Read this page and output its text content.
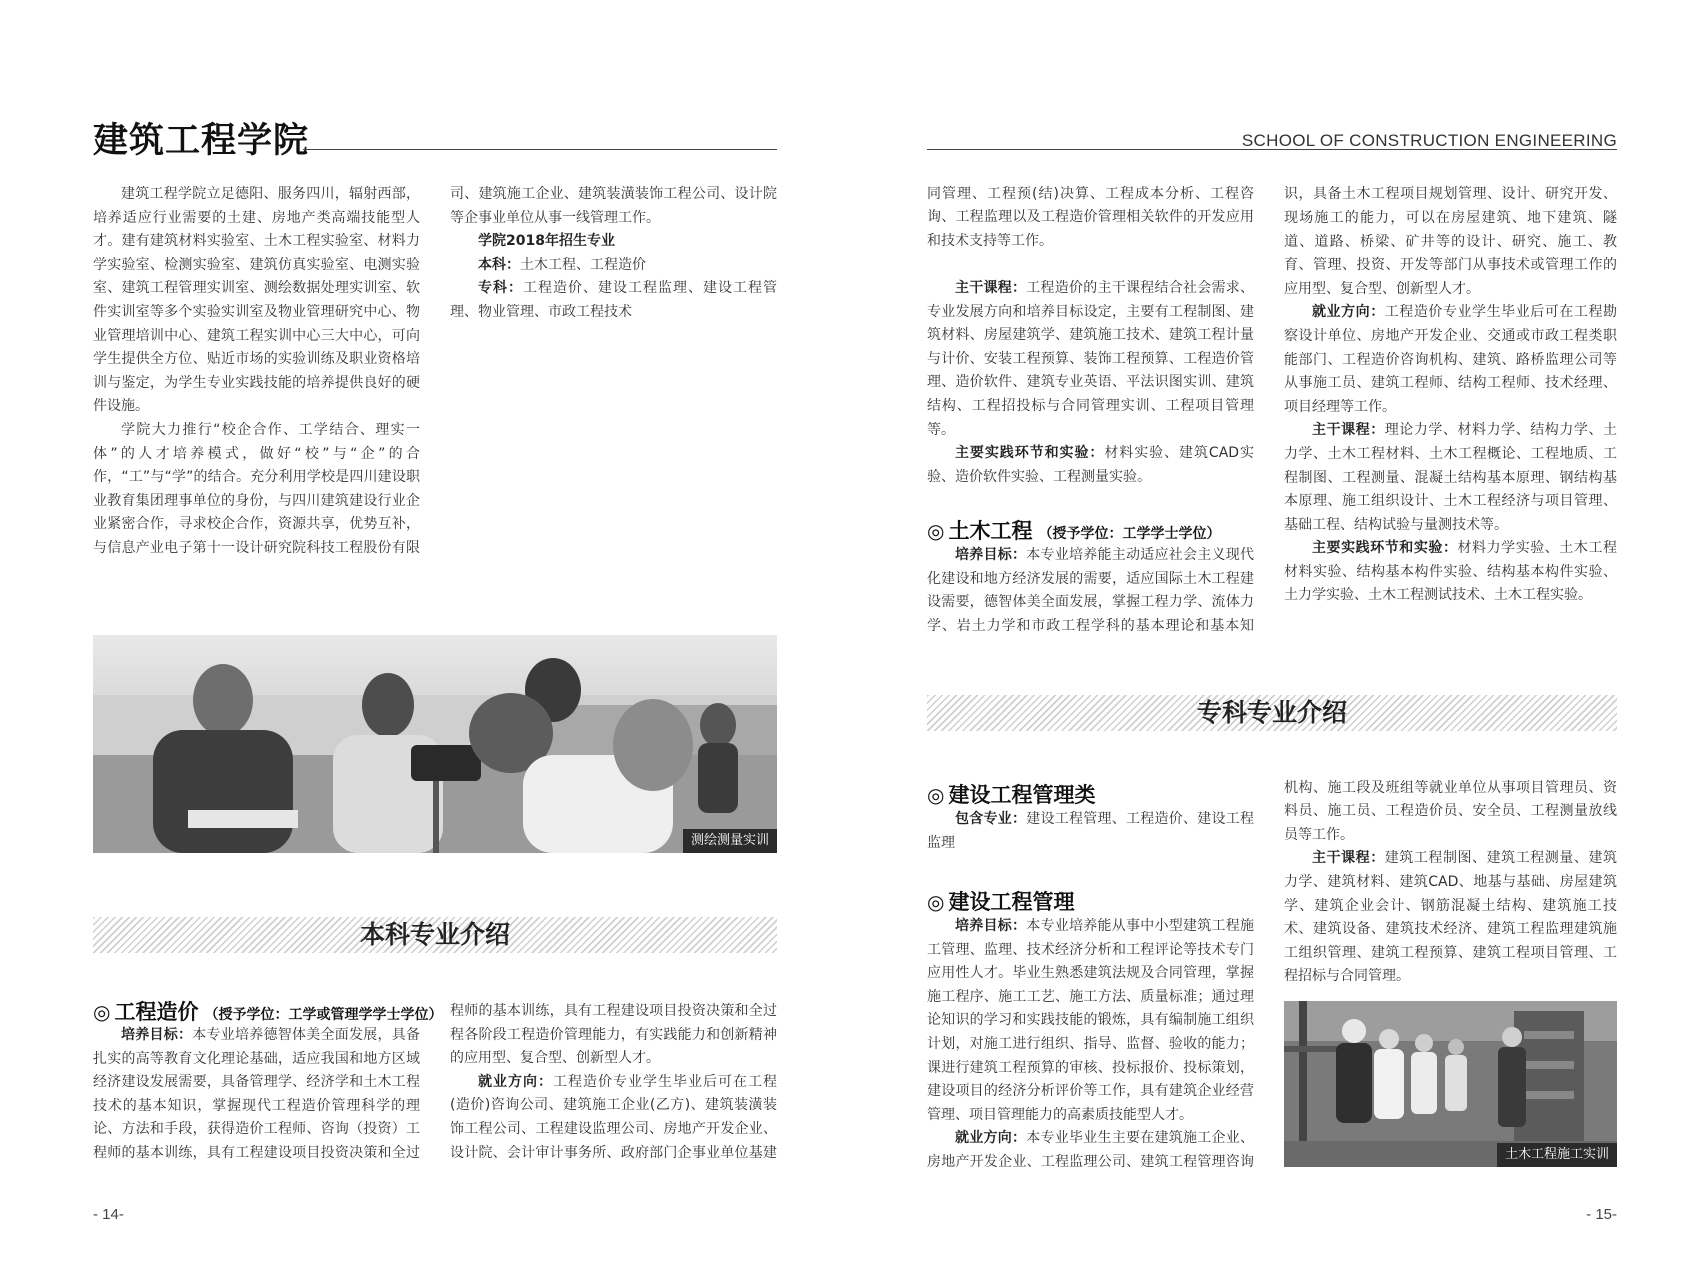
建筑工程学院

建筑工程学院立足德阳、服务四川，辐射西部，培养适应行业需要的土建、房地产类高端技能型人才。建有建筑材料实验室、土木工程实验室、材料力学实验室、检测实验室、建筑仿真实验室、电测实验室、建筑工程管理实训室、测绘数据处理实训室、软件实训室等多个实验实训室及物业管理研究中心、物业管理培训中心、建筑工程实训中心三大中心，可向学生提供全方位、贴近市场的实验训练及职业资格培训与鉴定，为学生专业实践技能的培养提供良好的硬件设施。

学院大力推行“校企合作、工学结合、理实一体”的人才培养模式，做好“校”与“企”的合作，“工”与“学”的结合。充分利用学校是四川建设职业教育集团理事单位的身份，与四川建筑建设行业企业紧密合作，寻求校企合作，资源共享，优势互补，与信息产业电子第十一设计研究院科技工程股份有限

司、建筑施工企业、建筑装潢装饰工程公司、设计院等企事业单位从事一线管理工作。

学院2018年招生专业

本科：土木工程、工程造价

专科：工程造价、建设工程监理、建设工程管理、物业管理、市政工程技术

测绘测量实训
本科专业介绍
◎ 工程造价 （授予学位：工学或管理学学士学位）

培养目标：本专业培养德智体美全面发展，具备扎实的高等教育文化理论基础，适应我国和地方区域经济建设发展需要，具备管理学、经济学和土木工程技术的基本知识，掌握现代工程造价管理科学的理论、方法和手段，获得造价工程师、咨询（投资）工程师的基本训练，具有工程建设项目投资决策和全过

程师的基本训练，具有工程建设项目投资决策和全过程各阶段工程造价管理能力，有实践能力和创新精神的应用型、复合型、创新型人才。

就业方向：工程造价专业学生毕业后可在工程(造价)咨询公司、建筑施工企业(乙方)、建筑装潢装饰工程公司、工程建设监理公司、房地产开发企业、设计院、会计审计事务所、政府部门企事业单位基建

- 14-
SCHOOL OF CONSTRUCTION ENGINEERING

同管理、工程预(结)决算、工程成本分析、工程咨询、工程监理以及工程造价管理相关软件的开发应用和技术支持等工作。

主干课程：工程造价的主干课程结合社会需求、专业发展方向和培养目标设定，主要有工程制图、建筑材料、房屋建筑学、建筑施工技术、建筑工程计量与计价、安装工程预算、装饰工程预算、工程造价管理、造价软件、建筑专业英语、平法识图实训、建筑结构、工程招投标与合同管理实训、工程项目管理等。

主要实践环节和实验：材料实验、建筑CAD实验、造价软件实验、工程测量实验。

◎ 土木工程 （授予学位：工学学士学位）

培养目标：本专业培养能主动适应社会主义现代化建设和地方经济发展的需要，适应国际土木工程建设需要，德智体美全面发展，掌握工程力学、流体力学、岩土力学和市政工程学科的基本理论和基本知

识，具备土木工程项目规划管理、设计、研究开发、现场施工的能力，可以在房屋建筑、地下建筑、隧道、道路、桥梁、矿井等的设计、研究、施工、教育、管理、投资、开发等部门从事技术或管理工作的应用型、复合型、创新型人才。

就业方向：工程造价专业学生毕业后可在工程勘察设计单位、房地产开发企业、交通或市政工程类职能部门、工程造价咨询机构、建筑、路桥监理公司等从事施工员、建筑工程师、结构工程师、技术经理、项目经理等工作。

主干课程：理论力学、材料力学、结构力学、土力学、土木工程材料、土木工程概论、工程地质、工程制图、工程测量、混凝土结构基本原理、钢结构基本原理、施工组织设计、土木工程经济与项目管理、基础工程、结构试验与量测技术等。

主要实践环节和实验：材料力学实验、土木工程材料实验、结构基本构件实验、结构基本构件实验、土力学实验、土木工程测试技术、土木工程实验。

专科专业介绍
◎ 建设工程管理类

包含专业：建设工程管理、工程造价、建设工程监理

◎ 建设工程管理

培养目标：本专业培养能从事中小型建筑工程施工管理、监理、技术经济分析和工程评论等技术专门应用性人才。毕业生熟悉建筑法规及合同管理，掌握施工程序、施工工艺、施工方法、质量标准；通过理论知识的学习和实践技能的锻炼，具有编制施工组织计划，对施工进行组织、指导、监督、验收的能力；课进行建筑工程预算的审核、投标报价、投标策划，建设项目的经济分析评价等工作，具有建筑企业经营管理、项目管理能力的高素质技能型人才。

就业方向：本专业毕业生主要在建筑施工企业、房地产开发企业、工程监理公司、建筑工程管理咨询

机构、施工段及班组等就业单位从事项目管理员、资料员、施工员、工程造价员、安全员、工程测量放线员等工作。

主干课程：建筑工程制图、建筑工程测量、建筑力学、建筑材料、建筑CAD、地基与基础、房屋建筑学、建筑企业会计、钢筋混凝土结构、建筑施工技术、建筑设备、建筑技术经济、建筑工程监理建筑施工组织管理、建筑工程预算、建筑工程项目管理、工程招标与合同管理。

土木工程施工实训
- 15-
